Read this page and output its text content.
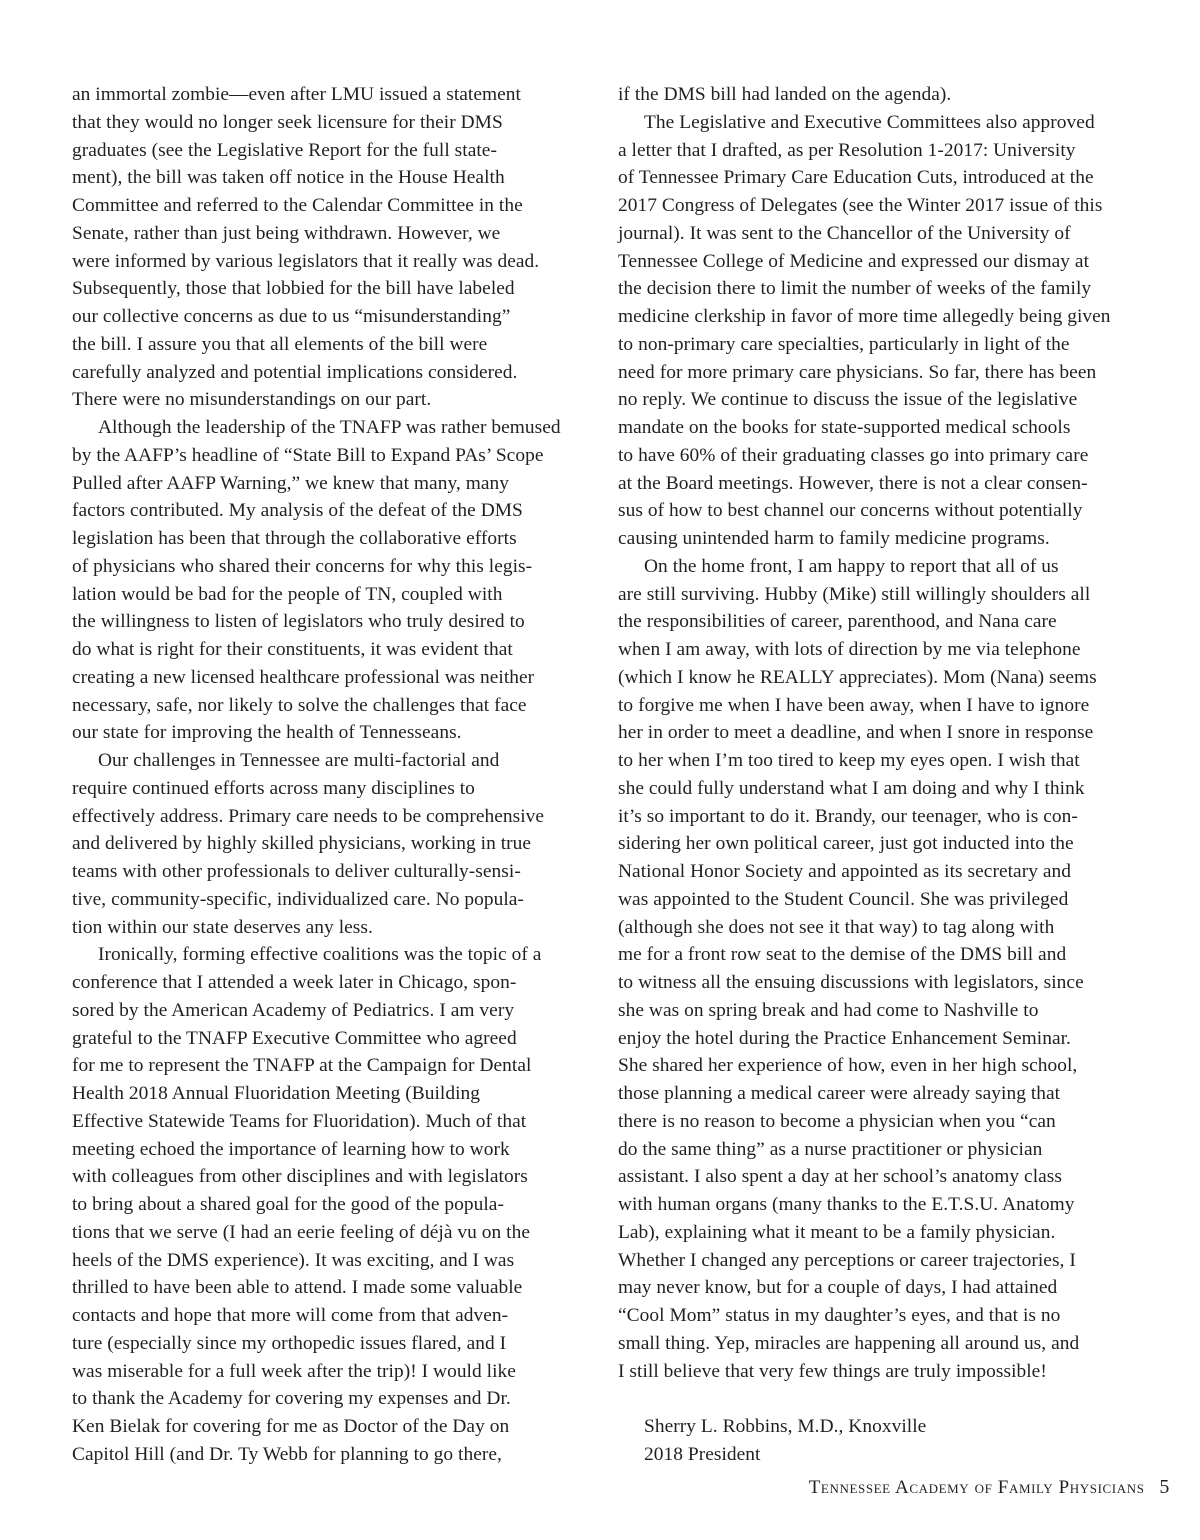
an immortal zombie—even after LMU issued a statement
that they would no longer seek licensure for their DMS
graduates (see the Legislative Report for the full state-
ment), the bill was taken off notice in the House Health
Committee and referred to the Calendar Committee in the
Senate, rather than just being withdrawn. However, we
were informed by various legislators that it really was dead.
Subsequently, those that lobbied for the bill have labeled
our collective concerns as due to us “misunderstanding”
the bill. I assure you that all elements of the bill were
carefully analyzed and potential implications considered.
There were no misunderstandings on our part.
Although the leadership of the TNAFP was rather bemused
by the AAFP’s headline of “State Bill to Expand PAs’ Scope
Pulled after AAFP Warning,” we knew that many, many
factors contributed. My analysis of the defeat of the DMS
legislation has been that through the collaborative efforts
of physicians who shared their concerns for why this legis-
lation would be bad for the people of TN, coupled with
the willingness to listen of legislators who truly desired to
do what is right for their constituents, it was evident that
creating a new licensed healthcare professional was neither
necessary, safe, nor likely to solve the challenges that face
our state for improving the health of Tennesseans.
Our challenges in Tennessee are multi-factorial and
require continued efforts across many disciplines to
effectively address. Primary care needs to be comprehensive
and delivered by highly skilled physicians, working in true
teams with other professionals to deliver culturally-sensi-
tive, community-specific, individualized care. No popula-
tion within our state deserves any less.
Ironically, forming effective coalitions was the topic of a
conference that I attended a week later in Chicago, spon-
sored by the American Academy of Pediatrics. I am very
grateful to the TNAFP Executive Committee who agreed
for me to represent the TNAFP at the Campaign for Dental
Health 2018 Annual Fluoridation Meeting (Building
Effective Statewide Teams for Fluoridation). Much of that
meeting echoed the importance of learning how to work
with colleagues from other disciplines and with legislators
to bring about a shared goal for the good of the popula-
tions that we serve (I had an eerie feeling of déjà vu on the
heels of the DMS experience). It was exciting, and I was
thrilled to have been able to attend. I made some valuable
contacts and hope that more will come from that adven-
ture (especially since my orthopedic issues flared, and I
was miserable for a full week after the trip)! I would like
to thank the Academy for covering my expenses and Dr.
Ken Bielak for covering for me as Doctor of the Day on
Capitol Hill (and Dr. Ty Webb for planning to go there,
if the DMS bill had landed on the agenda).
The Legislative and Executive Committees also approved
a letter that I drafted, as per Resolution 1-2017: University
of Tennessee Primary Care Education Cuts, introduced at the
2017 Congress of Delegates (see the Winter 2017 issue of this
journal). It was sent to the Chancellor of the University of
Tennessee College of Medicine and expressed our dismay at
the decision there to limit the number of weeks of the family
medicine clerkship in favor of more time allegedly being given
to non-primary care specialties, particularly in light of the
need for more primary care physicians. So far, there has been
no reply. We continue to discuss the issue of the legislative
mandate on the books for state-supported medical schools
to have 60% of their graduating classes go into primary care
at the Board meetings. However, there is not a clear consen-
sus of how to best channel our concerns without potentially
causing unintended harm to family medicine programs.
On the home front, I am happy to report that all of us
are still surviving. Hubby (Mike) still willingly shoulders all
the responsibilities of career, parenthood, and Nana care
when I am away, with lots of direction by me via telephone
(which I know he REALLY appreciates). Mom (Nana) seems
to forgive me when I have been away, when I have to ignore
her in order to meet a deadline, and when I snore in response
to her when I’m too tired to keep my eyes open. I wish that
she could fully understand what I am doing and why I think
it’s so important to do it. Brandy, our teenager, who is con-
sidering her own political career, just got inducted into the
National Honor Society and appointed as its secretary and
was appointed to the Student Council. She was privileged
(although she does not see it that way) to tag along with
me for a front row seat to the demise of the DMS bill and
to witness all the ensuing discussions with legislators, since
she was on spring break and had come to Nashville to
enjoy the hotel during the Practice Enhancement Seminar.
She shared her experience of how, even in her high school,
those planning a medical career were already saying that
there is no reason to become a physician when you “can
do the same thing” as a nurse practitioner or physician
assistant. I also spent a day at her school’s anatomy class
with human organs (many thanks to the E.T.S.U. Anatomy
Lab), explaining what it meant to be a family physician.
Whether I changed any perceptions or career trajectories, I
may never know, but for a couple of days, I had attained
“Cool Mom” status in my daughter’s eyes, and that is no
small thing. Yep, miracles are happening all around us, and
I still believe that very few things are truly impossible!
Sherry L. Robbins, M.D., Knoxville
2018 President
Tennessee Academy of Family Physicians 5
